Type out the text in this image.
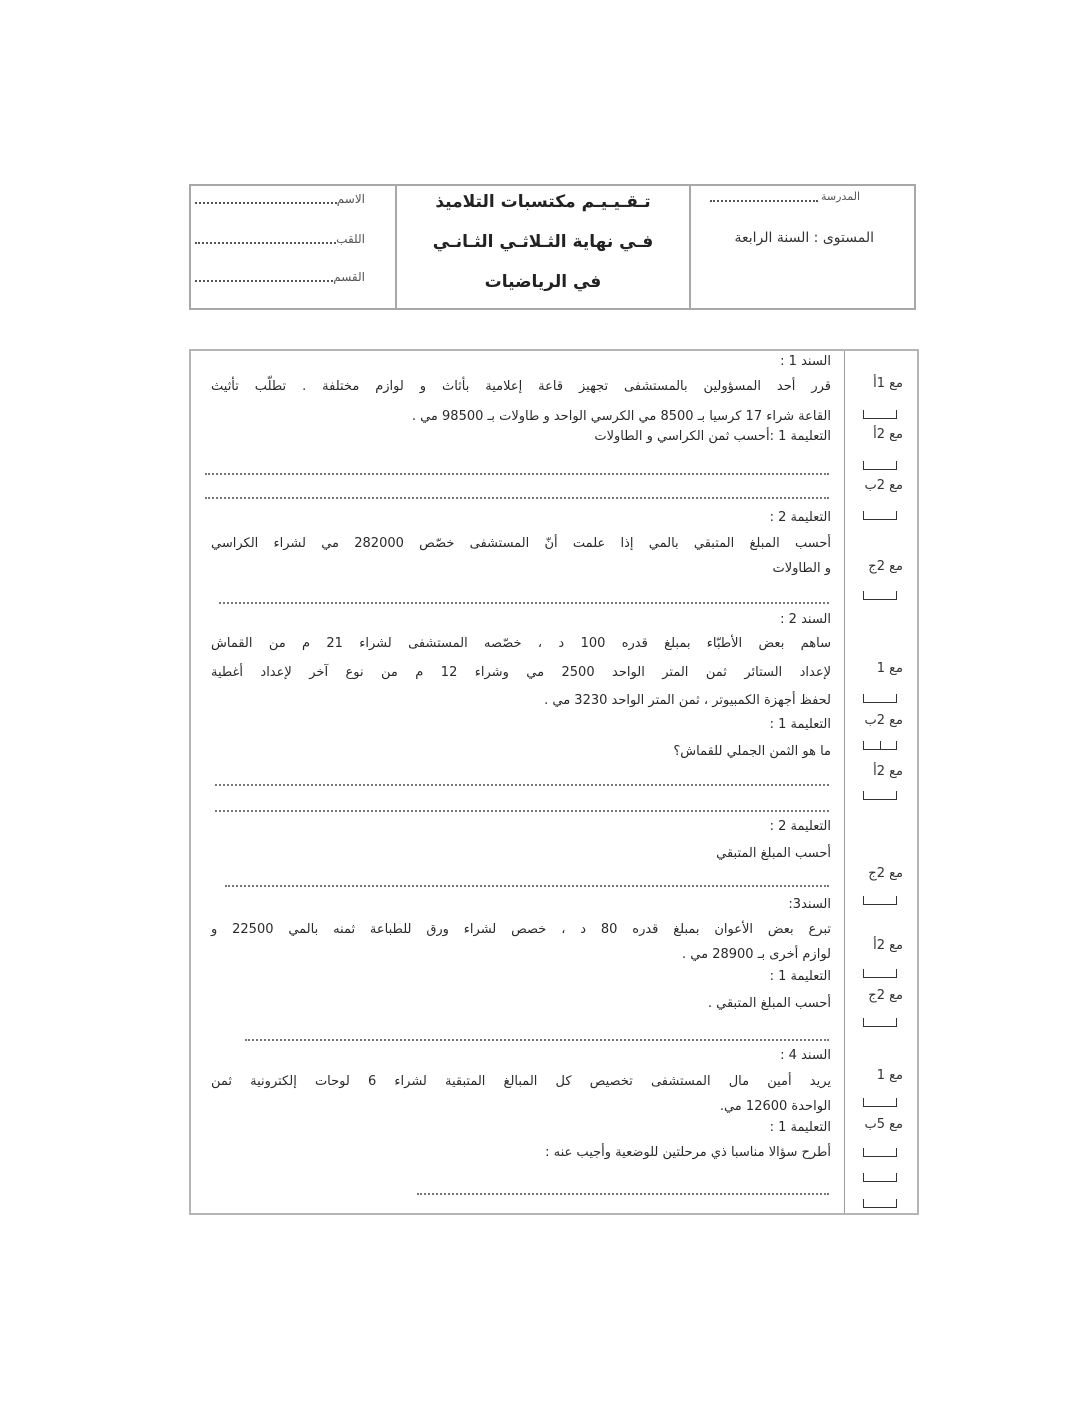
الاسم
اللقب
القسم
تـقـيـيـم مكتسبات التلاميذ
فـي نهاية الثـلاثـي الثـانـي
في الرياضيات
المدرسة

المستوى : السنة الرابعة
السند 1 :
قرر أحد المسؤولين بالمستشفى تجهيز قاعة إعلامية بأثاث و لوازم مختلفة . تطلّب تأثيث
القاعة شراء 17 كرسيا بـ 8500 مي الكرسي الواحد و طاولات بـ 98500 مي .
التعليمة 1 :أحسب ثمن الكراسي و الطاولات
التعليمة 2 :
أحسب المبلغ المتبقي بالمي إذا علمت أنّ المستشفى خصّص 282000 مي لشراء الكراسي
و الطاولات
مع 1أ
مع 2أ
مع 2ب
مع 2ج
السند 2 :
ساهم بعض الأطبّاء بمبلغ قدره 100 د ، خصّصه المستشفى لشراء 21 م من القماش
لإعداد الستائر ثمن المتر الواحد 2500 مي وشراء 12 م من نوع آخر لإعداد أغطية
لحفظ أجهزة الكمبيوتر ، ثمن المتر الواحد 3230 مي .
التعليمة 1 :
ما هو الثمن الجملي للقماش؟
التعليمة 2 :
أحسب المبلغ المتبقي
مع 1
مع 2ب
مع 2أ
مع 2ج
السند3:
تبرع بعض الأعوان بمبلغ قدره 80 د ، خصص لشراء ورق للطباعة ثمنه بالمي 22500 و
لوازم أخرى بـ 28900 مي .
التعليمة 1 :
أحسب المبلغ المتبقي .
مع 2أ
مع 2ج
السند 4 :
يريد أمين مال المستشفى تخصيص كل المبالغ المتبقية لشراء 6 لوحات إلكترونية ثمن
الواحدة 12600 مي.
التعليمة 1 :
أطرح سؤالا مناسبا ذي مرحلتين للوضعية وأجيب عنه :
مع 1
مع 5ب
